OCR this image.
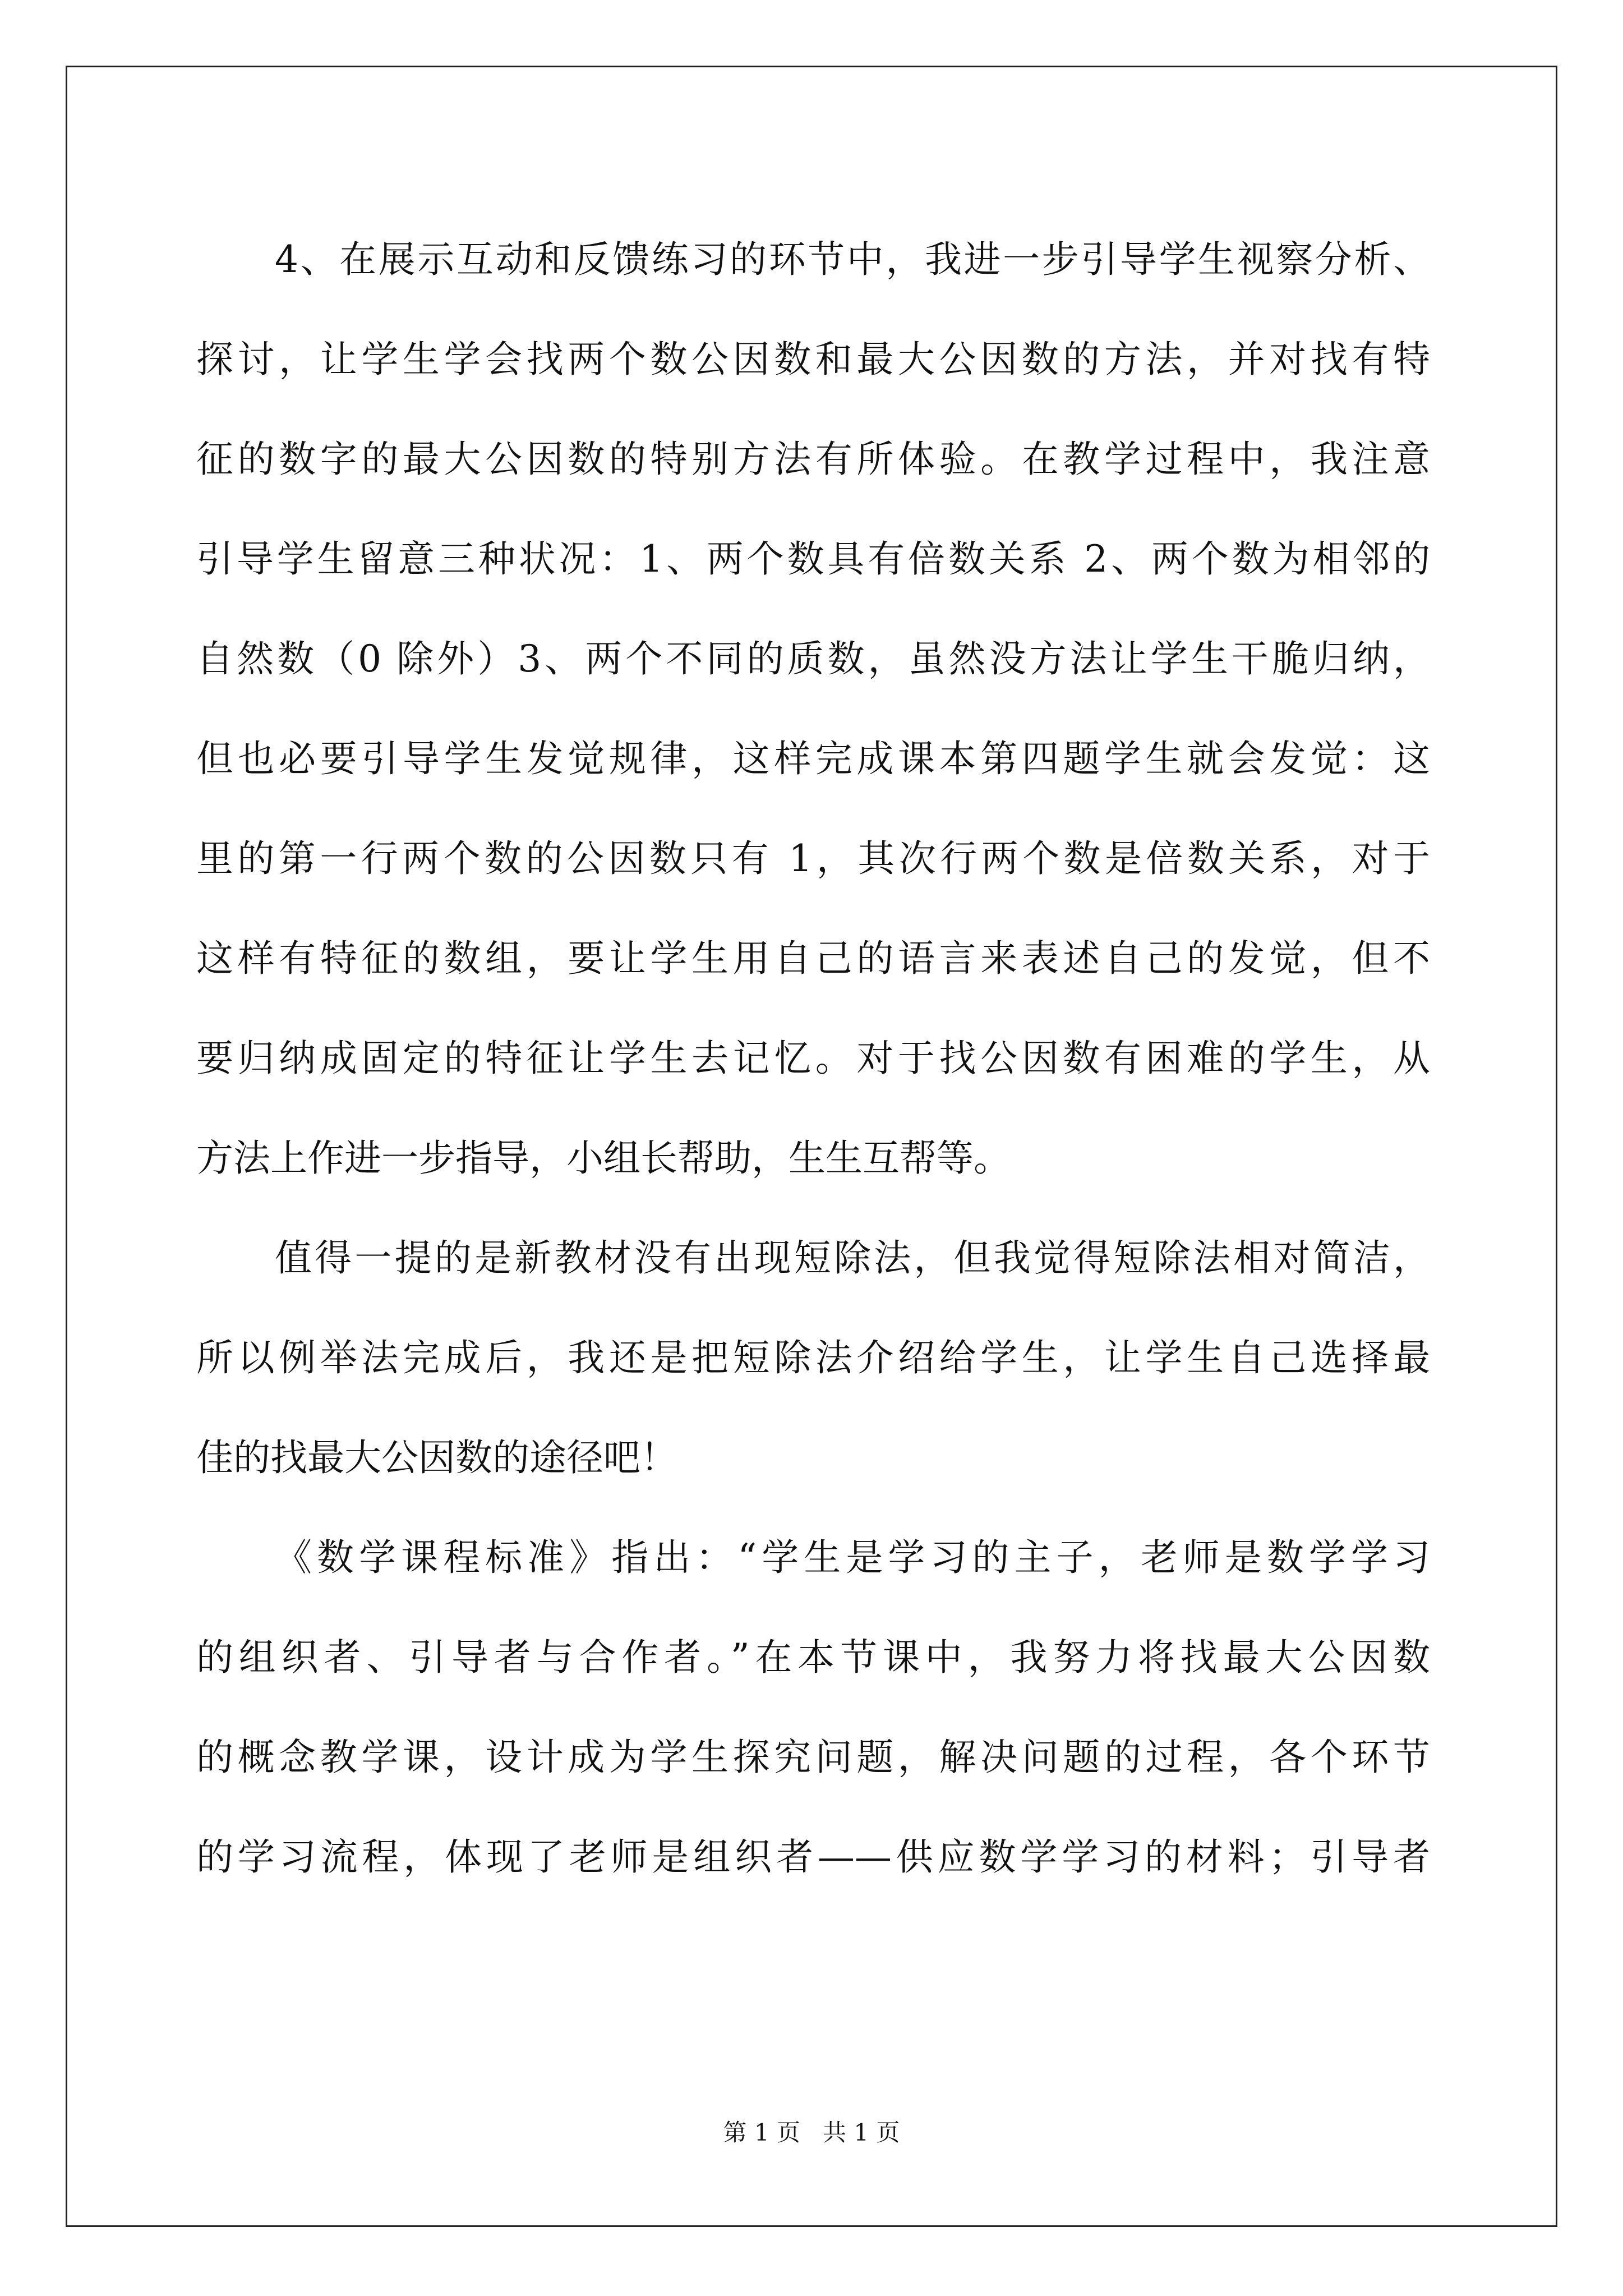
4、在展示互动和反馈练习的环节中，我进一步引导学生视察分析、
探讨，让学生学会找两个数公因数和最大公因数的方法，并对找有特
征的数字的最大公因数的特别方法有所体验。在教学过程中，我注意
引导学生留意三种状况：1、两个数具有倍数关系 2、两个数为相邻的
自然数（0 除外）3、两个不同的质数，虽然没方法让学生干脆归纳，
但也必要引导学生发觉规律，这样完成课本第四题学生就会发觉：这
里的第一行两个数的公因数只有 1，其次行两个数是倍数关系，对于
这样有特征的数组，要让学生用自己的语言来表述自己的发觉，但不
要归纳成固定的特征让学生去记忆。对于找公因数有困难的学生，从
方法上作进一步指导，小组长帮助，生生互帮等。
值得一提的是新教材没有出现短除法，但我觉得短除法相对简洁，
所以例举法完成后，我还是把短除法介绍给学生，让学生自己选择最
佳的找最大公因数的途径吧！
《数学课程标准》指出：“学生是学习的主子，老师是数学学习
的组织者、引导者与合作者。”在本节课中，我努力将找最大公因数
的概念教学课，设计成为学生探究问题，解决问题的过程，各个环节
的学习流程，体现了老师是组织者——供应数学学习的材料；引导者
第 1 页   共 1 页
